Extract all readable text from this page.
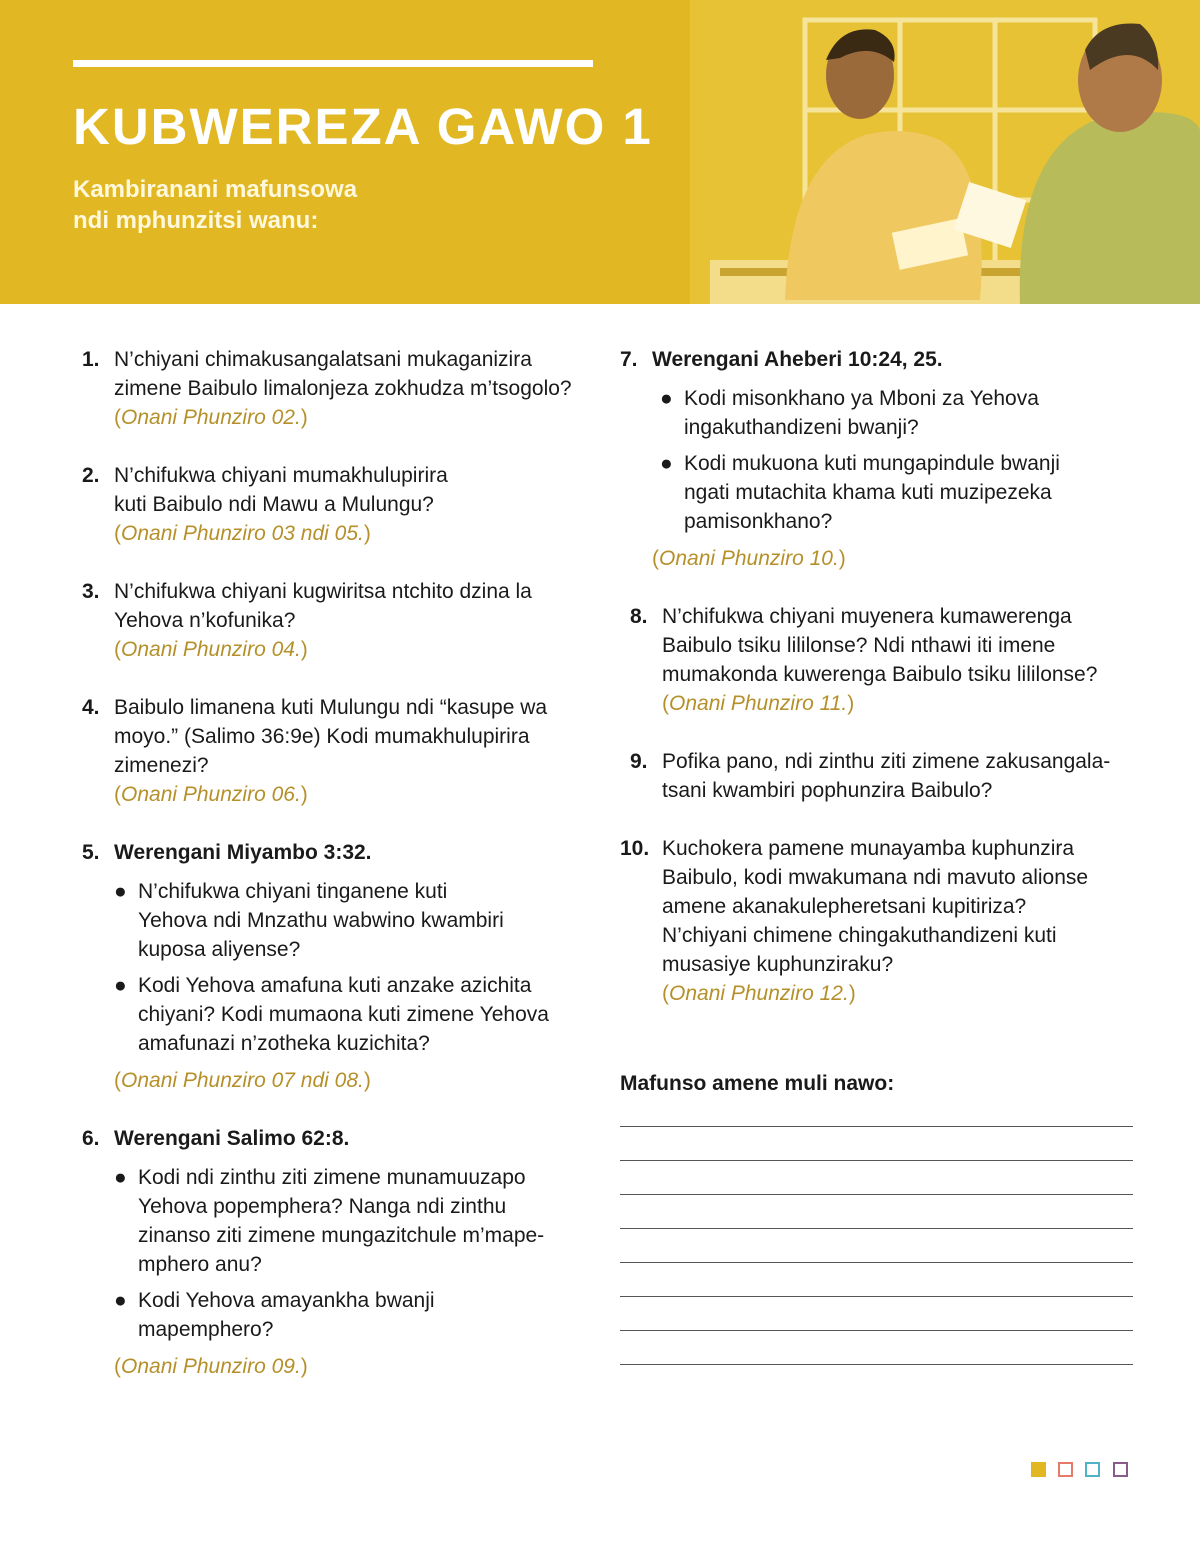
KUBWEREZA GAWO 1
Kambiranani mafunsowa
ndi mphunzitsi wanu:
1. N’chiyani chimakusangalatsani mukaganizira
zimene Baibulo limalonjeza zokhudza m’tsogolo?
(Onani Phunziro 02.)
2. N’chifukwa chiyani mumakhulupirira
kuti Baibulo ndi Mawu a Mulungu?
(Onani Phunziro 03 ndi 05.)
3. N’chifukwa chiyani kugwiritsa ntchito dzina la
Yehova n’kofunika?
(Onani Phunziro 04.)
4. Baibulo limanena kuti Mulungu ndi “kasupe wa
moyo.” (Salimo 36:9e) Kodi mumakhulupirira
zimenezi?
(Onani Phunziro 06.)
5. Werengani Miyambo 3:32.
● N’chifukwa chiyani tinganene kuti
Yehova ndi Mnzathu wabwino kwambiri
kuposa aliyense?
● Kodi Yehova amafuna kuti anzake azichita
chiyani? Kodi mumaona kuti zimene Yehova
amafunazi n’zotheka kuzichita?
(Onani Phunziro 07 ndi 08.)
6. Werengani Salimo 62:8.
● Kodi ndi zinthu ziti zimene munamuuzapo
Yehova popemphera? Nanga ndi zinthu
zinanso ziti zimene mungazitchule m’mape-
mphero anu?
● Kodi Yehova amayankha bwanji
mapemphero?
(Onani Phunziro 09.)
7. Werengani Aheberi 10:24, 25.
● Kodi misonkhano ya Mboni za Yehova
ingakuthandizeni bwanji?
● Kodi mukuona kuti mungapindule bwanji
ngati mutachita khama kuti muzipezeka
pamisonkhano?
(Onani Phunziro 10.)
8. N’chifukwa chiyani muyenera kumawerenga
Baibulo tsiku lililonse? Ndi nthawi iti imene
mumakonda kuwerenga Baibulo tsiku lililonse?
(Onani Phunziro 11.)
9. Pofika pano, ndi zinthu ziti zimene zakusangala-
tsani kwambiri pophunzira Baibulo?
10. Kuchokera pamene munayamba kuphunzira
Baibulo, kodi mwakumana ndi mavuto alionse
amene akanakulepheretsani kupitiriza?
N’chiyani chimene chingakuthandizeni kuti
musasiye kuphunziraku?
(Onani Phunziro 12.)
Mafunso amene muli nawo:
